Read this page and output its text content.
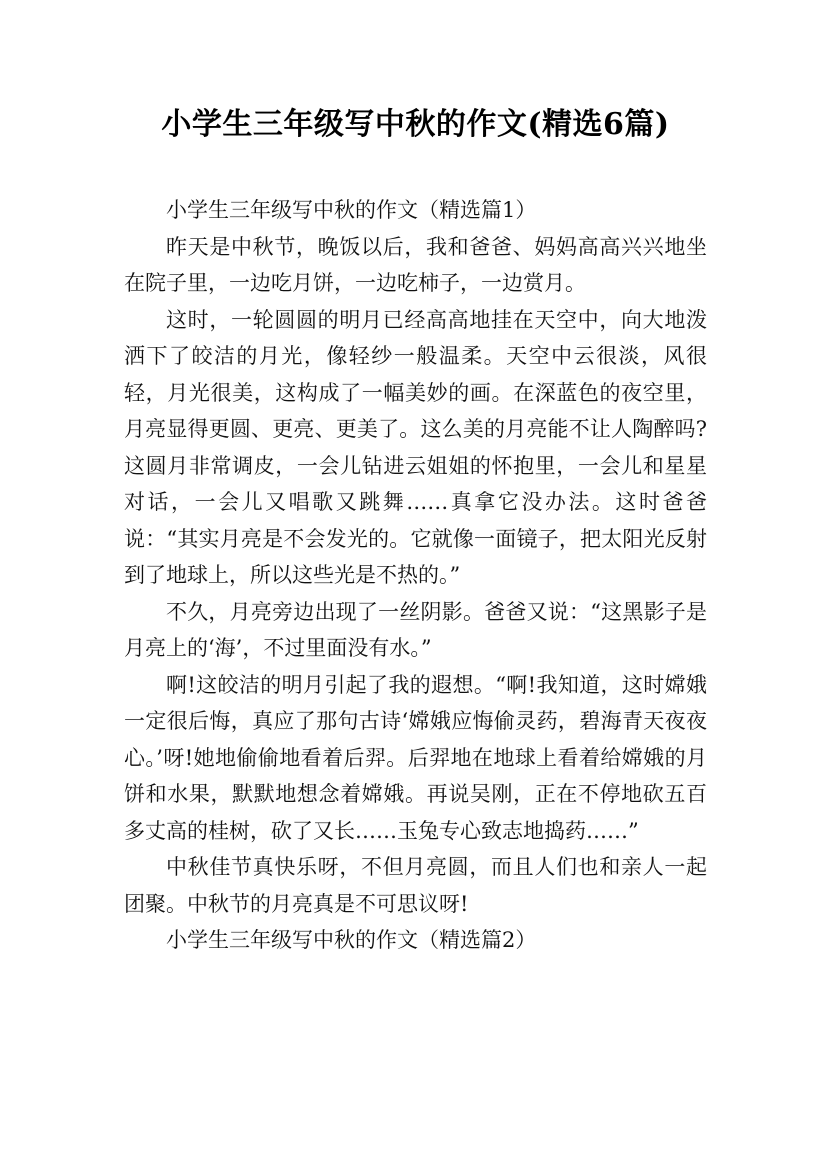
小学生三年级写中秋的作文(精选6篇)

小学生三年级写中秋的作文（精选篇1）

昨天是中秋节，晚饭以后，我和爸爸、妈妈高高兴兴地坐在院子里，一边吃月饼，一边吃柿子，一边赏月。

这时，一轮圆圆的明月已经高高地挂在天空中，向大地泼洒下了皎洁的月光，像轻纱一般温柔。天空中云很淡，风很轻，月光很美，这构成了一幅美妙的画。在深蓝色的夜空里，月亮显得更圆、更亮、更美了。这么美的月亮能不让人陶醉吗?这圆月非常调皮，一会儿钻进云姐姐的怀抱里，一会儿和星星对话，一会儿又唱歌又跳舞……真拿它没办法。这时爸爸说：“其实月亮是不会发光的。它就像一面镜子，把太阳光反射到了地球上，所以这些光是不热的。”

不久，月亮旁边出现了一丝阴影。爸爸又说：“这黑影子是月亮上的‘海’，不过里面没有水。”

啊!这皎洁的明月引起了我的遐想。“啊!我知道，这时嫦娥一定很后悔，真应了那句古诗‘嫦娥应悔偷灵药，碧海青天夜夜心。’呀!她地偷偷地看着后羿。后羿地在地球上看着给嫦娥的月饼和水果，默默地想念着嫦娥。再说吴刚，正在不停地砍五百多丈高的桂树，砍了又长……玉兔专心致志地捣药……”

中秋佳节真快乐呀，不但月亮圆，而且人们也和亲人一起团聚。中秋节的月亮真是不可思议呀!

小学生三年级写中秋的作文（精选篇2）
